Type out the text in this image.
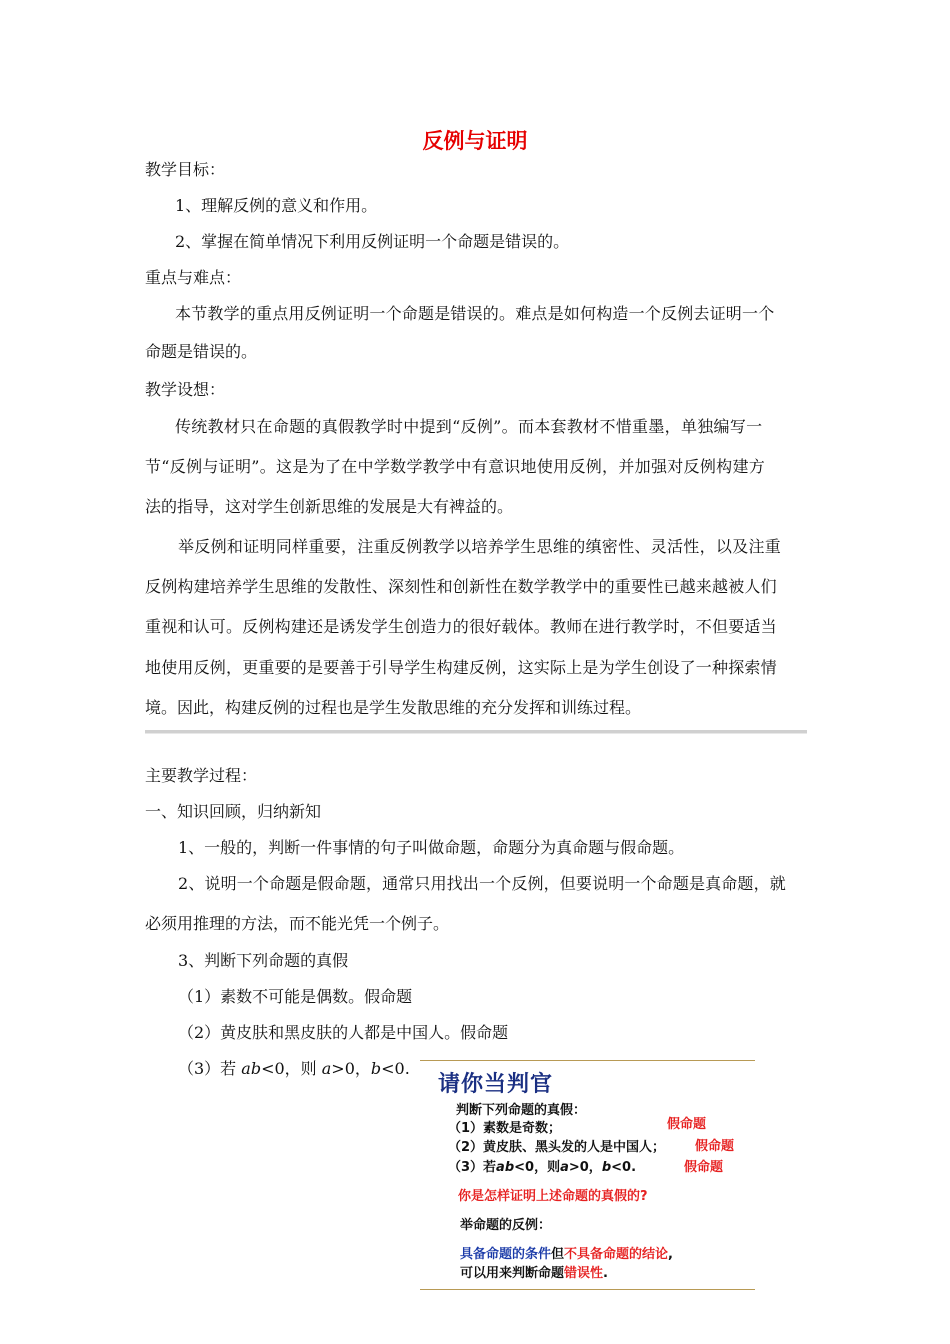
反例与证明
教学目标：
1、理解反例的意义和作用。
2、掌握在简单情况下利用反例证明一个命题是错误的。
重点与难点：
本节教学的重点用反例证明一个命题是错误的。难点是如何构造一个反例去证明一个
命题是错误的。
教学设想：
传统教材只在命题的真假教学时中提到“反例”。而本套教材不惜重墨，单独编写一
节“反例与证明”。这是为了在中学数学教学中有意识地使用反例，并加强对反例构建方
法的指导，这对学生创新思维的发展是大有裨益的。
举反例和证明同样重要，注重反例教学以培养学生思维的缜密性、灵活性，以及注重
反例构建培养学生思维的发散性、深刻性和创新性在数学教学中的重要性已越来越被人们
重视和认可。反例构建还是诱发学生创造力的很好载体。教师在进行教学时，不但要适当
地使用反例，更重要的是要善于引导学生构建反例，这实际上是为学生创设了一种探索情
境。因此，构建反例的过程也是学生发散思维的充分发挥和训练过程。
主要教学过程：
一、知识回顾，归纳新知
1、一般的，判断一件事情的句子叫做命题，命题分为真命题与假命题。
2、说明一个命题是假命题，通常只用找出一个反例，但要说明一个命题是真命题，就
必须用推理的方法，而不能光凭一个例子。
3、判断下列命题的真假
（1）素数不可能是偶数。假命题
（2）黄皮肤和黑皮肤的人都是中国人。假命题
（3）若 ab<0，则 a>0，b<0.
请你当判官
判断下列命题的真假：
（1）素数是奇数；
（2）黄皮肤、黑头发的人是中国人；
（3）若ab<0，则a>0，b<0.
假命题
假命题
假命题
你是怎样证明上述命题的真假的?
举命题的反例：
具备命题的条件但不具备命题的结论,
可以用来判断命题错误性.
